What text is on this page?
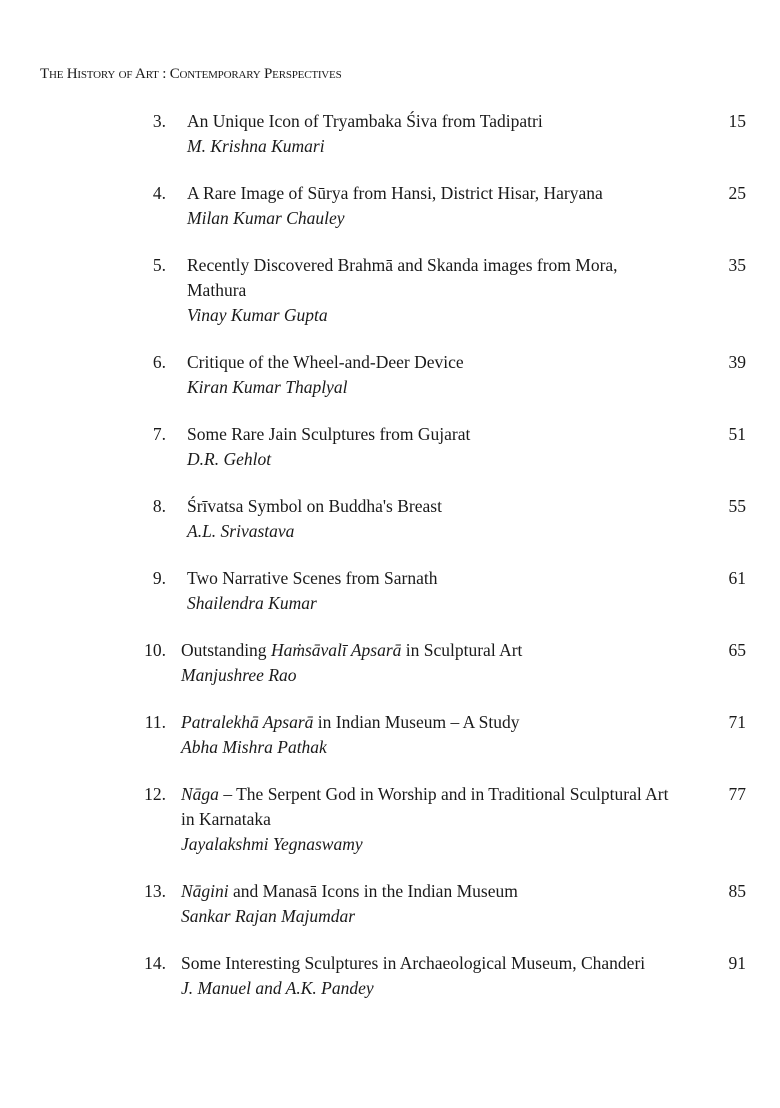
The History of Art : Contemporary Perspectives
3. An Unique Icon of Tryambaka Śiva from Tadipatri
M. Krishna Kumari
15
4. A Rare Image of Sūrya from Hansi, District Hisar, Haryana
Milan Kumar Chauley
25
5. Recently Discovered Brahmā and Skanda images from Mora, Mathura
Vinay Kumar Gupta
35
6. Critique of the Wheel-and-Deer Device
Kiran Kumar Thaplyal
39
7. Some Rare Jain Sculptures from Gujarat
D.R. Gehlot
51
8. Śrīvatsa Symbol on Buddha's Breast
A.L. Srivastava
55
9. Two Narrative Scenes from Sarnath
Shailendra Kumar
61
10. Outstanding Haṁsāvalī Apsarā in Sculptural Art
Manjushree Rao
65
11. Patralekhā Apsarā in Indian Museum – A Study
Abha Mishra Pathak
71
12. Nāga – The Serpent God in Worship and in Traditional Sculptural Art in Karnataka
Jayalakshmi Yegnaswamy
77
13. Nāgini and Manasā Icons in the Indian Museum
Sankar Rajan Majumdar
85
14. Some Interesting Sculptures in Archaeological Museum, Chanderi
J. Manuel and A.K. Pandey
91
